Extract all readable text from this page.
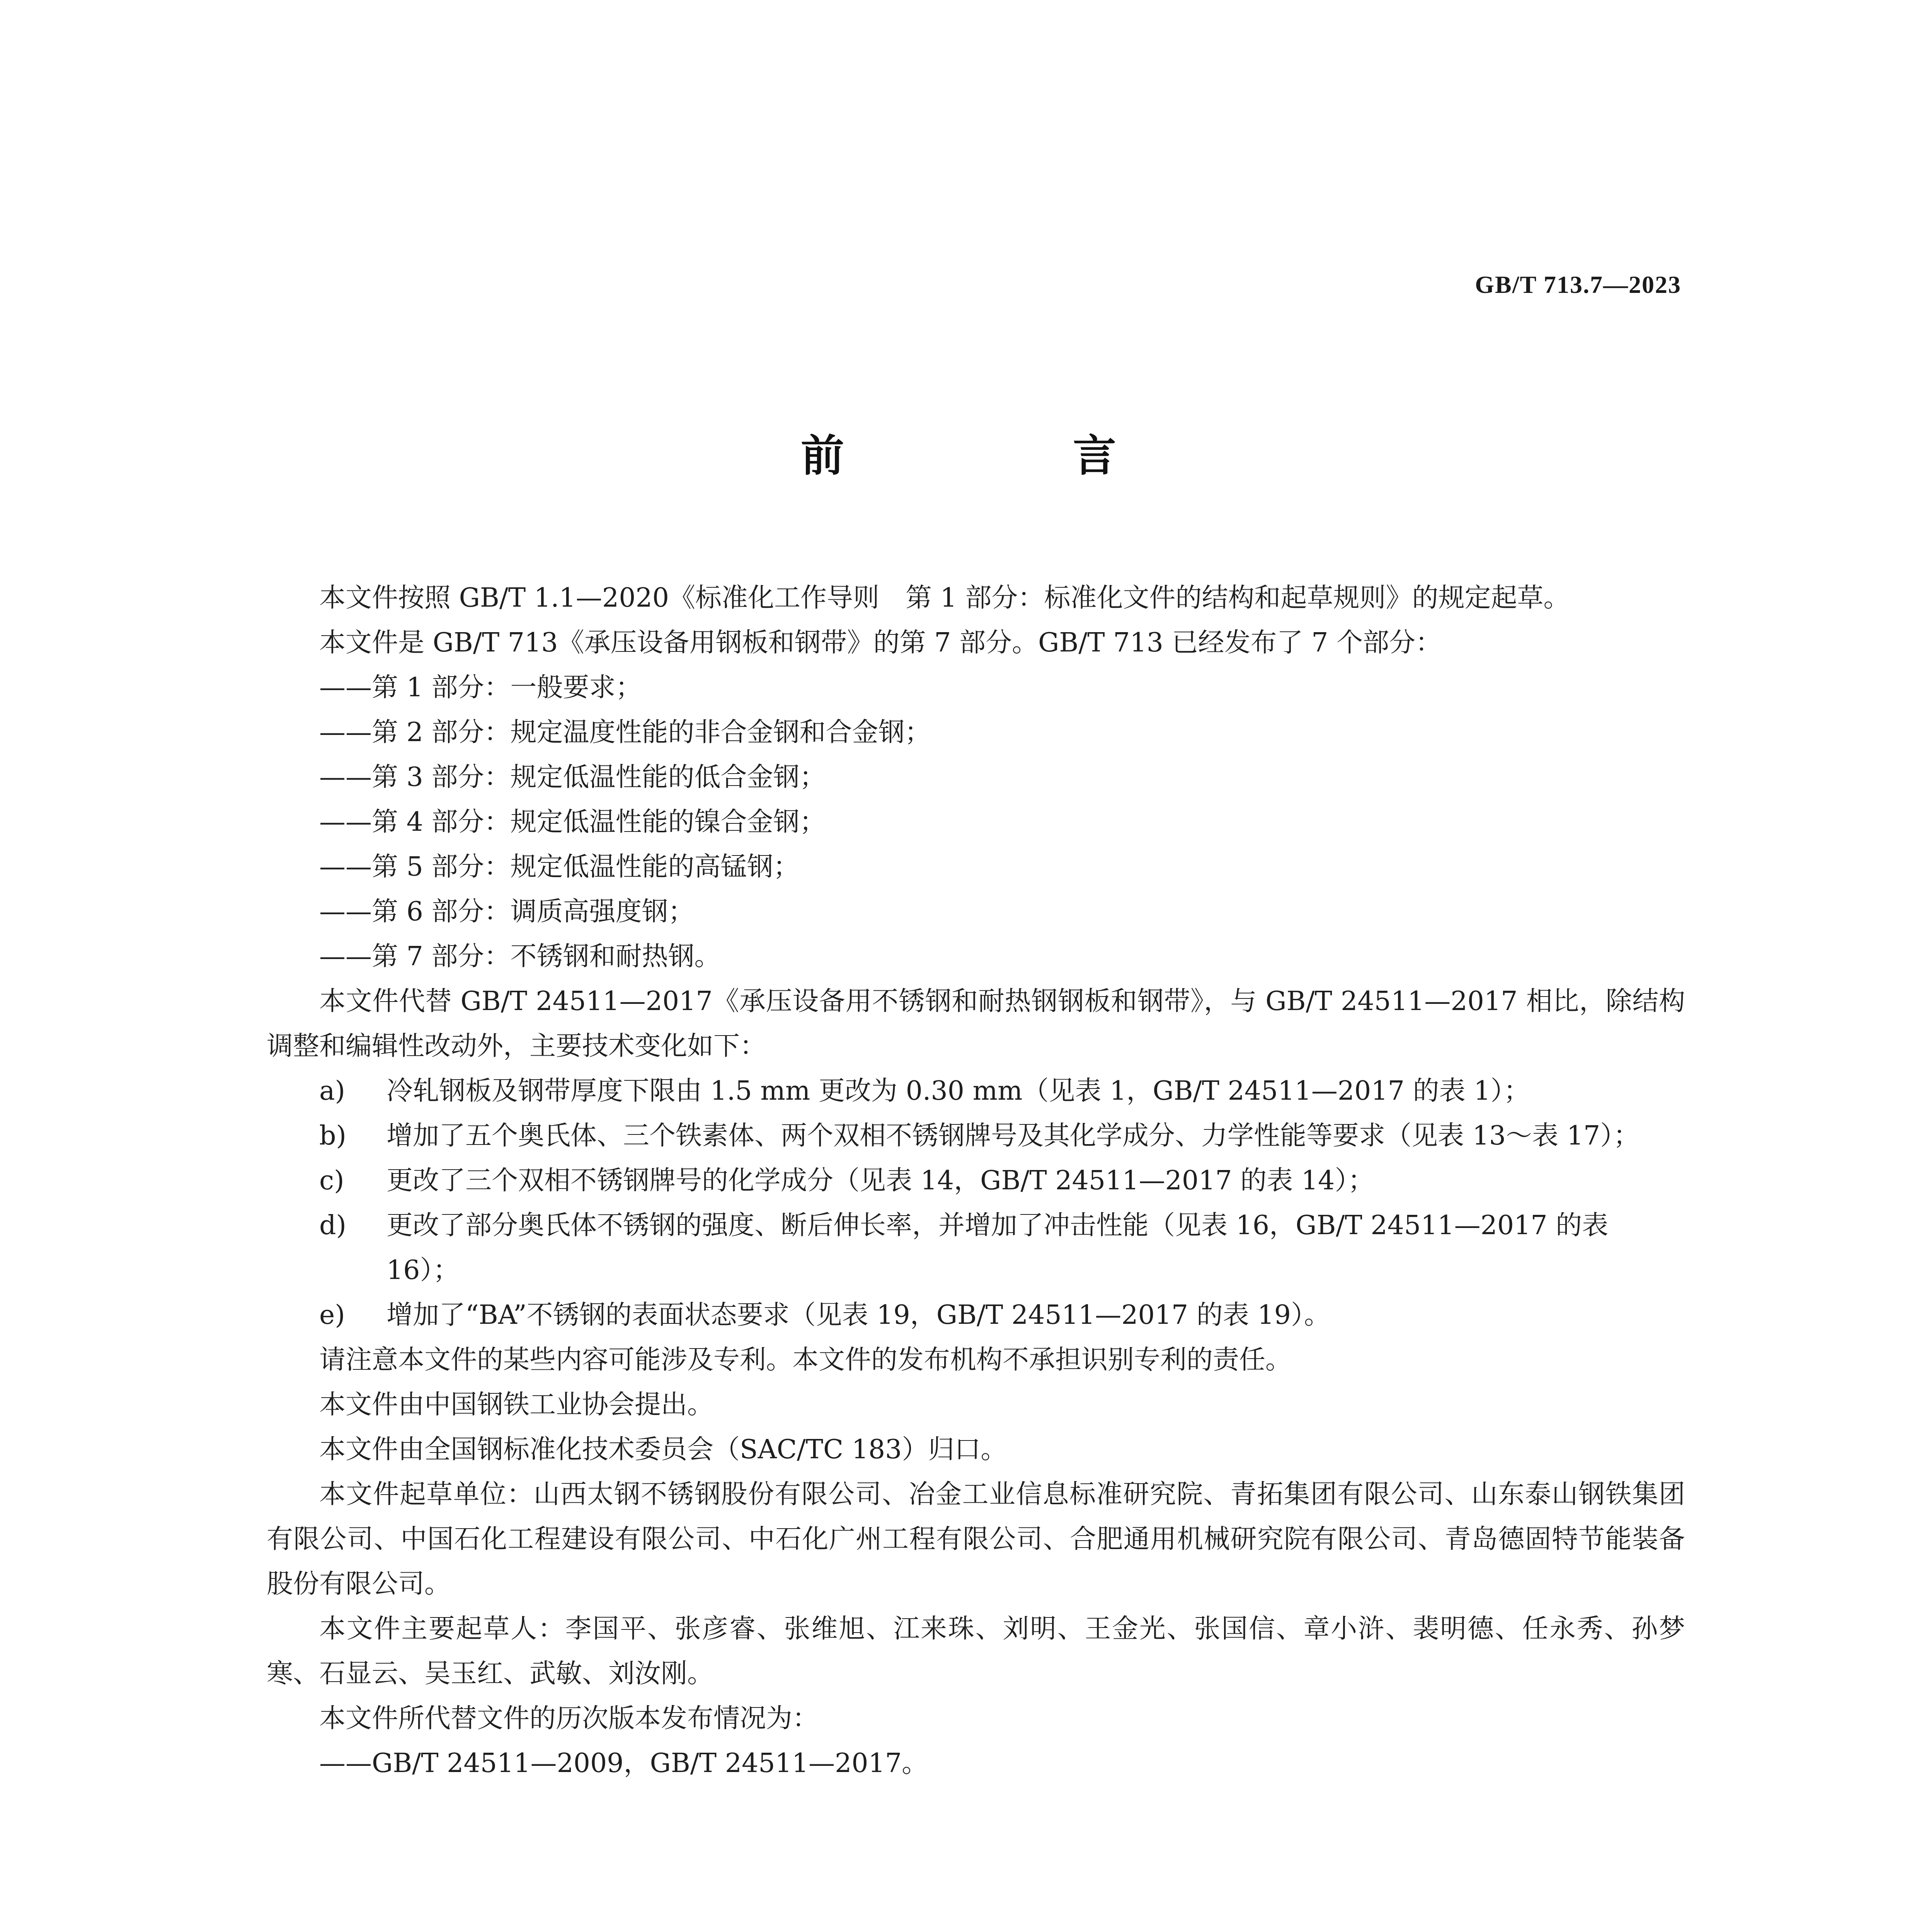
GB/T 713.7—2023
前　言

本文件按照 GB/T 1.1—2020《标准化工作导则　第 1 部分：标准化文件的结构和起草规则》的规定起草。

本文件是 GB/T 713《承压设备用钢板和钢带》的第 7 部分。GB/T 713 已经发布了 7 个部分：

——第 1 部分：一般要求；

——第 2 部分：规定温度性能的非合金钢和合金钢；

——第 3 部分：规定低温性能的低合金钢；

——第 4 部分：规定低温性能的镍合金钢；

——第 5 部分：规定低温性能的高锰钢；

——第 6 部分：调质高强度钢；

——第 7 部分：不锈钢和耐热钢。

本文件代替 GB/T 24511—2017《承压设备用不锈钢和耐热钢钢板和钢带》，与 GB/T 24511—2017 相比，除结构调整和编辑性改动外，主要技术变化如下：

a) 冷轧钢板及钢带厚度下限由 1.5 mm 更改为 0.30 mm（见表 1，GB/T 24511—2017 的表 1）；

b) 增加了五个奥氏体、三个铁素体、两个双相不锈钢牌号及其化学成分、力学性能等要求（见表 13～表 17）；

c) 更改了三个双相不锈钢牌号的化学成分（见表 14，GB/T 24511—2017 的表 14）；

d) 更改了部分奥氏体不锈钢的强度、断后伸长率，并增加了冲击性能（见表 16，GB/T 24511—2017 的表 16）；

e) 增加了“BA”不锈钢的表面状态要求（见表 19，GB/T 24511—2017 的表 19）。

请注意本文件的某些内容可能涉及专利。本文件的发布机构不承担识别专利的责任。

本文件由中国钢铁工业协会提出。

本文件由全国钢标准化技术委员会（SAC/TC 183）归口。

本文件起草单位：山西太钢不锈钢股份有限公司、冶金工业信息标准研究院、青拓集团有限公司、山东泰山钢铁集团有限公司、中国石化工程建设有限公司、中石化广州工程有限公司、合肥通用机械研究院有限公司、青岛德固特节能装备股份有限公司。

本文件主要起草人：李国平、张彦睿、张维旭、江来珠、刘明、王金光、张国信、章小浒、裴明德、任永秀、孙梦寒、石显云、吴玉红、武敏、刘汝刚。

本文件所代替文件的历次版本发布情况为：

——GB/T 24511—2009，GB/T 24511—2017。
